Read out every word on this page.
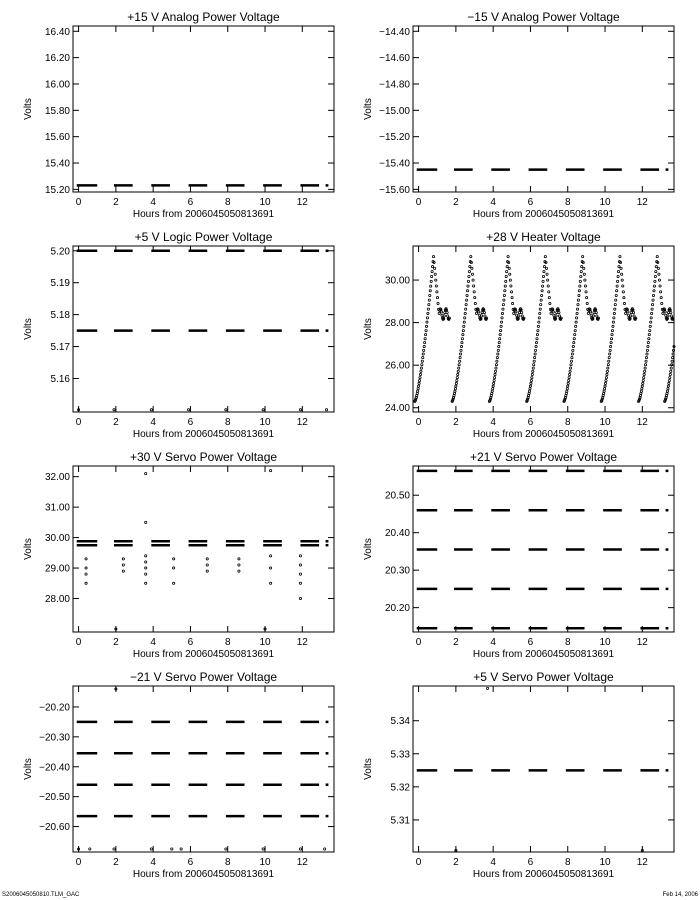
+15 V Analog Power Voltage
0	2	4	6	8	10	12
15.20
15.40
15.60
15.80
16.00
16.20
16.40
Hours from 2006045050813691
Volts
−15 V Analog Power Voltage
0	2	4	6	8	10	12
−15.60
−15.40
−15.20
−15.00
−14.80
−14.60
−14.40
Hours from 2006045050813691
Volts
+5 V Logic Power Voltage
0	2	4	6	8	10	12
5.16
5.17
5.18
5.19
5.20
Hours from 2006045050813691
Volts
+28 V Heater Voltage
0	2	4	6	8	10	12
24.00
26.00
28.00
30.00
Hours from 2006045050813691
Volts
+30 V Servo Power Voltage
0	2	4	6	8	10	12
28.00
29.00
30.00
31.00
32.00
Hours from 2006045050813691
Volts
+21 V Servo Power Voltage
0	2	4	6	8	10	12
20.20
20.30
20.40
20.50
Hours from 2006045050813691
Volts
−21 V Servo Power Voltage
0	2	4	6	8	10	12
−20.60
−20.50
−20.40
−20.30
−20.20
Hours from 2006045050813691
Volts
+5 V Servo Power Voltage
0	2	4	6	8	10	12
5.31
5.32
5.33
5.34
Hours from 2006045050813691
Volts
S2006045050810.TLM_GAC	Feb 14, 2006
